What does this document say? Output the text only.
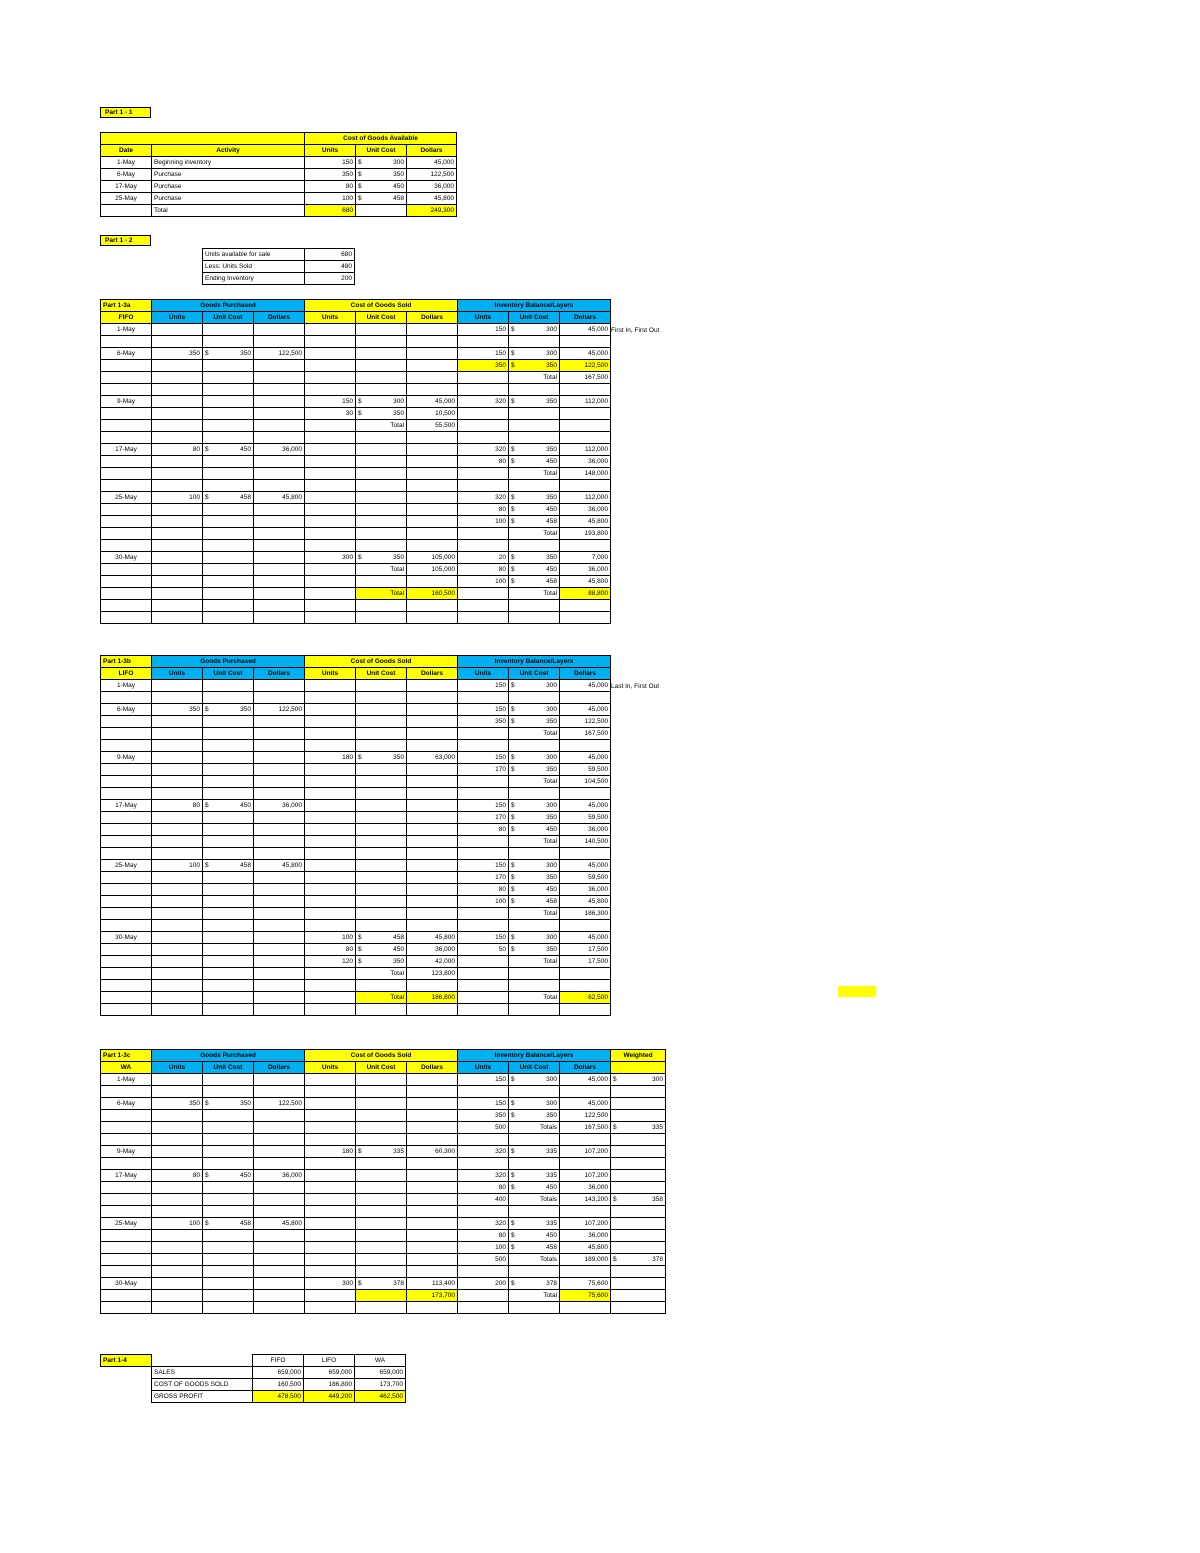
Part 1 - 1
		Cost of Goods Available		
Date	Activity	Units	Unit Cost	Dollars
1-May	Beginning inventory	150	$ 300	45,000
6-May	Purchase	350	$ 350	122,500
17-May	Purchase	80	$ 450	36,000
25-May	Purchase	100	$ 458	45,800
	Total	680		249,300
Part 1 - 2
Units available for sale	680
Less: Units Sold	480
Ending Inventory	200
Part 1-3a	Goods Purchased			Cost of Goods Sold			Inventory Balance/Layers		
FIFO	Units	Unit Cost	Dollars	Units	Unit Cost	Dollars	Units	Unit Cost	Dollars
1-May							150	$ 300	45,000

6-May	350	$ 350	122,500				150	$ 300	45,000
							350	$ 350	122,500
								Total	167,500

9-May				150	$ 300	45,000	320	$ 350	112,000
				30	$ 350	10,500			
					Total	55,500			

17-May	80	$ 450	36,000				320	$ 350	112,000
							80	$ 450	36,000
								Total	148,000

25-May	100	$ 458	45,800				320	$ 350	112,000
							80	$ 450	36,000
							100	$ 458	45,800
								Total	193,800

30-May				300	$ 350	105,000	20	$ 350	7,000
					Total	105,000	80	$ 450	36,000
							100	$ 458	45,800
					Total	160,500		Total	88,800

First In, First Out
Part 1-3b	Goods Purchased			Cost of Goods Sold			Inventory Balance/Layers		
LIFO	Units	Unit Cost	Dollars	Units	Unit Cost	Dollars	Units	Unit Cost	Dollars
1-May							150	$ 300	45,000

6-May	350	$ 350	122,500				150	$ 300	45,000
							350	$ 350	122,500
								Total	167,500

9-May				180	$ 350	63,000	150	$ 300	45,000
							170	$ 350	59,500
								Total	104,500

17-May	80	$ 450	36,000				150	$ 300	45,000
							170	$ 350	59,500
							80	$ 450	36,000
								Total	140,500

25-May	100	$ 458	45,800				150	$ 300	45,000
							170	$ 350	59,500
							80	$ 450	36,000
							100	$ 458	45,800
								Total	186,300

30-May				100	$ 458	45,800	150	$ 300	45,000
				80	$ 450	36,000	50	$ 350	17,500
				120	$ 350	42,000		Total	17,500
					Total	123,800			

					Total	186,800		Total	62,500

Last In, First Out
Part 1-3c	Goods Purchased			Cost of Goods Sold			Inventory Balance/Layers			Weighted
WA	Units	Unit Cost	Dollars	Units	Unit Cost	Dollars	Units	Unit Cost	Dollars	
1-May							150	$ 300	45,000	$ 300

6-May	350	$ 350	122,500				150	$ 300	45,000	
							350	$ 350	122,500	
							500	Totals	167,500	$ 335

9-May				180	$ 335	60,300	320	$ 335	107,200	

17-May	80	$ 450	36,000				320	$ 335	107,200	
							80	$ 450	36,000	
							400	Totals	143,200	$ 358

25-May	100	$ 458	45,800				320	$ 335	107,200	
							80	$ 450	36,000	
							100	$ 458	45,800	
							500	Totals	189,000	$ 378

30-May				300	$ 378	113,400	200	$ 378	75,600	
						173,700		Total	75,600	

Part 1-4		FIFO	LIFO	WA
	SALES	659,000	659,000	659,000
	COST OF GOODS SOLD	160,500	186,800	173,700
	GROSS PROFIT	478,500	449,200	462,500
